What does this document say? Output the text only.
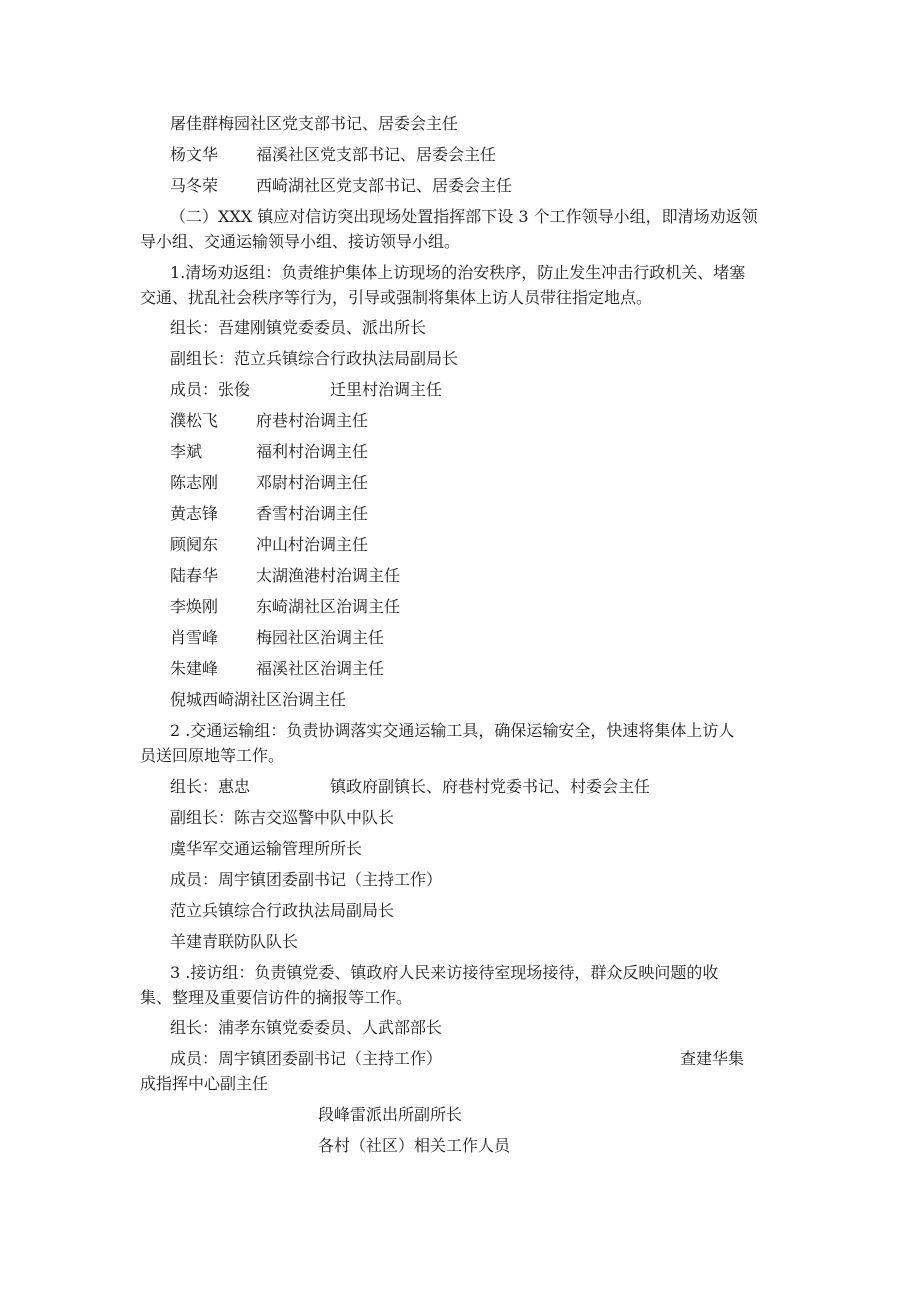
屠佳群梅园社区党支部书记、居委会主任
杨文华 福溪社区党支部书记、居委会主任
马冬荣 西崎湖社区党支部书记、居委会主任
（二）XXX 镇应对信访突出现场处置指挥部下设 3 个工作领导小组，即清场劝返领
导小组、交通运输领导小组、接访领导小组。
1.清场劝返组：负责维护集体上访现场的治安秩序，防止发生冲击行政机关、堵塞
交通、扰乱社会秩序等行为，引导或强制将集体上访人员带往指定地点。
组长：吾建刚镇党委委员、派出所长
副组长：范立兵镇综合行政执法局副局长
成员：张俊	迁里村治调主任
濮松飞 府巷村治调主任
李斌	福利村治调主任
陈志刚 邓尉村治调主任
黄志锋 香雪村治调主任
顾阋东 冲山村治调主任
陆春华 太湖渔港村治调主任
李焕刚 东崎湖社区治调主任
肖雪峰 梅园社区治调主任
朱建峰 福溪社区治调主任
倪城西崎湖社区治调主任
2 .交通运输组：负责协调落实交通运输工具，确保运输安全，快速将集体上访人
员送回原地等工作。
组长：惠忠	镇政府副镇长、府巷村党委书记、村委会主任
副组长：陈吉交巡警中队中队长
虞华军交通运输管理所所长
成员：周宇镇团委副书记（主持工作）
范立兵镇综合行政执法局副局长
羊建青联防队队长
3 .接访组：负责镇党委、镇政府人民来访接待室现场接待，群众反映问题的收
集、整理及重要信访件的摘报等工作。
组长：浦孝东镇党委委员、人武部部长
成员：周宇镇团委副书记（主持工作）	查建华集
成指挥中心副主任
段峰雷派出所副所长
各村（社区）相关工作人员
